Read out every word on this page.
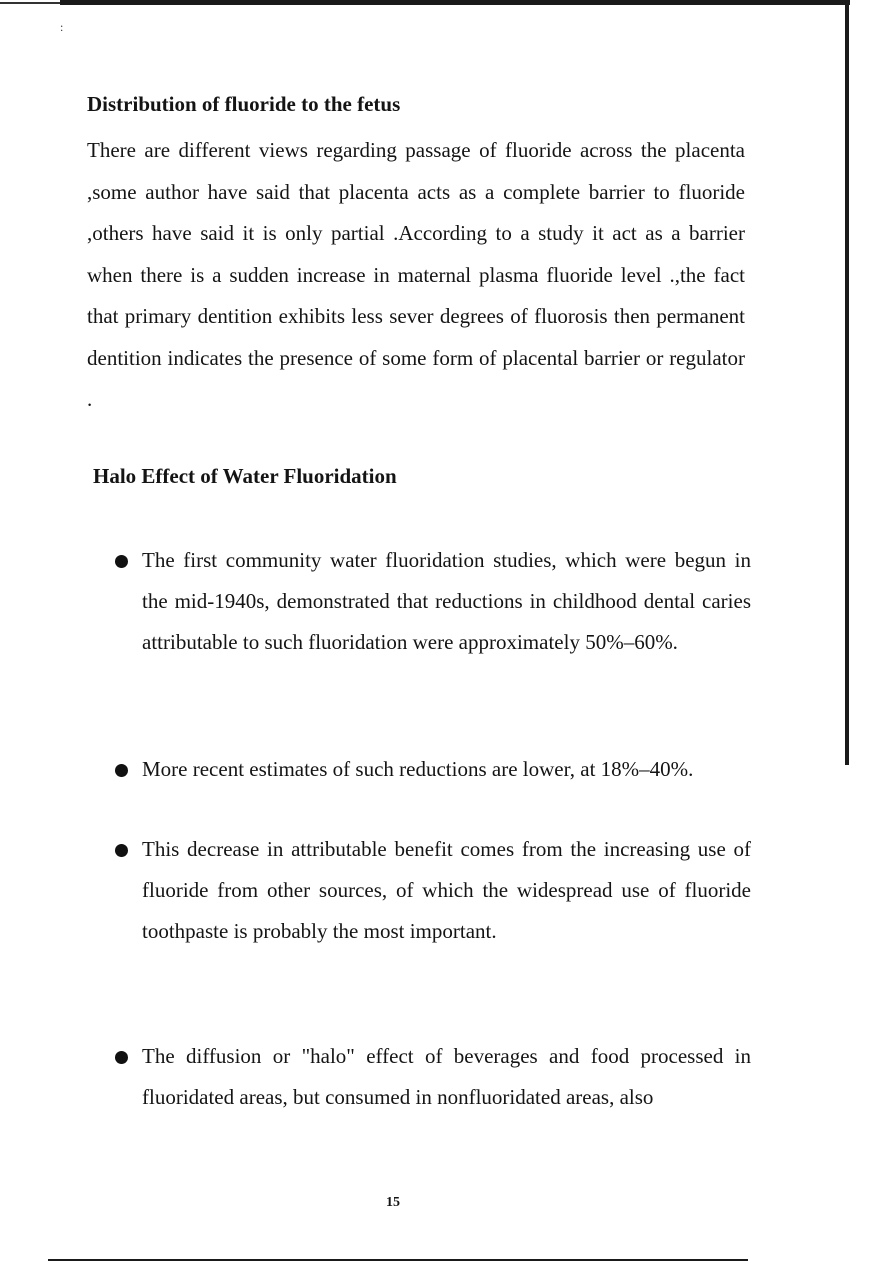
:
Distribution of fluoride to the fetus

There are different views regarding passage of fluoride across the placenta ,some author have said that placenta acts as a complete barrier to fluoride ,others have said it is only partial .According to a study it act as a barrier when there is a sudden increase in maternal plasma fluoride level .,the fact that primary dentition exhibits less sever degrees of fluorosis then permanent dentition indicates the presence of some form of placental barrier or regulator .

Halo Effect of Water Fluoridation

The first community water fluoridation studies, which were begun in the mid-1940s, demonstrated that reductions in childhood dental caries attributable to such fluoridation were approximately 50%–60%.

More recent estimates of such reductions are lower, at 18%–40%.

This decrease in attributable benefit comes from the increasing use of fluoride from other sources, of which the widespread use of fluoride toothpaste is probably the most important.

The diffusion or "halo" effect of beverages and food processed in fluoridated areas, but consumed in nonfluoridated areas, also

15
